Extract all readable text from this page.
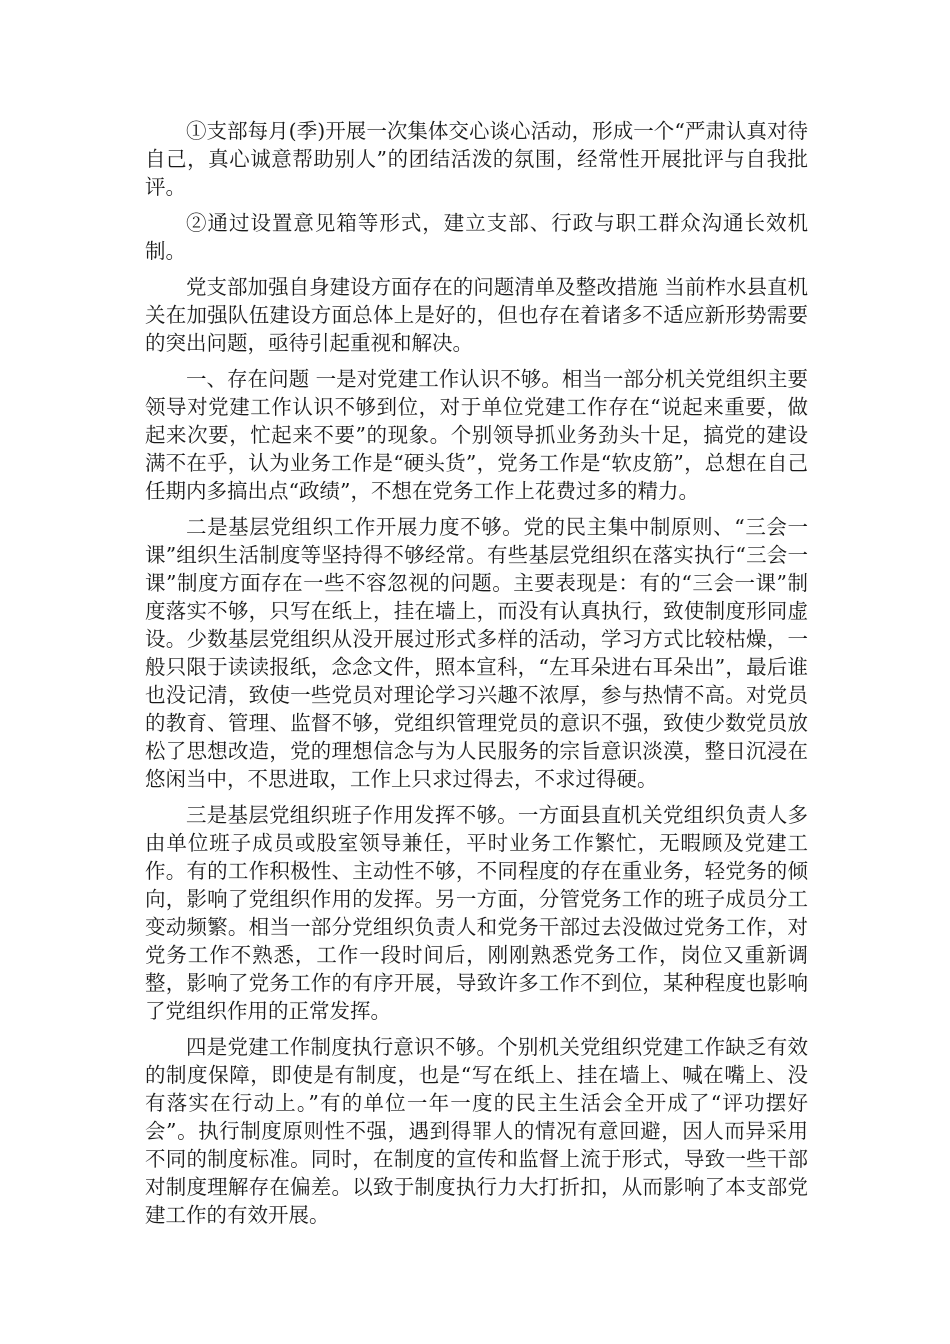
①支部每月(季)开展一次集体交心谈心活动，形成一个“严肃认真对待自己，真心诚意帮助别人”的团结活泼的氛围，经常性开展批评与自我批评。

②通过设置意见箱等形式，建立支部、行政与职工群众沟通长效机制。

党支部加强自身建设方面存在的问题清单及整改措施 当前柞水县直机关在加强队伍建设方面总体上是好的，但也存在着诸多不适应新形势需要的突出问题，亟待引起重视和解决。

一、存在问题 一是对党建工作认识不够。相当一部分机关党组织主要领导对党建工作认识不够到位，对于单位党建工作存在“说起来重要，做起来次要，忙起来不要”的现象。个别领导抓业务劲头十足，搞党的建设满不在乎，认为业务工作是“硬头货”，党务工作是“软皮筋”，总想在自己任期内多搞出点“政绩”，不想在党务工作上花费过多的精力。

二是基层党组织工作开展力度不够。党的民主集中制原则、“三会一课”组织生活制度等坚持得不够经常。有些基层党组织在落实执行“三会一课”制度方面存在一些不容忽视的问题。主要表现是：有的“三会一课”制度落实不够，只写在纸上，挂在墙上，而没有认真执行，致使制度形同虚设。少数基层党组织从没开展过形式多样的活动，学习方式比较枯燥，一般只限于读读报纸，念念文件，照本宣科，“左耳朵进右耳朵出”，最后谁也没记清，致使一些党员对理论学习兴趣不浓厚，参与热情不高。对党员的教育、管理、监督不够，党组织管理党员的意识不强，致使少数党员放松了思想改造，党的理想信念与为人民服务的宗旨意识淡漠，整日沉浸在悠闲当中，不思进取，工作上只求过得去，不求过得硬。

三是基层党组织班子作用发挥不够。一方面县直机关党组织负责人多由单位班子成员或股室领导兼任，平时业务工作繁忙，无暇顾及党建工作。有的工作积极性、主动性不够，不同程度的存在重业务，轻党务的倾向，影响了党组织作用的发挥。另一方面，分管党务工作的班子成员分工变动频繁。相当一部分党组织负责人和党务干部过去没做过党务工作，对党务工作不熟悉，工作一段时间后，刚刚熟悉党务工作，岗位又重新调整，影响了党务工作的有序开展，导致许多工作不到位，某种程度也影响了党组织作用的正常发挥。

四是党建工作制度执行意识不够。个别机关党组织党建工作缺乏有效的制度保障，即使是有制度，也是“写在纸上、挂在墙上、喊在嘴上、没有落实在行动上。”有的单位一年一度的民主生活会全开成了“评功摆好会”。执行制度原则性不强，遇到得罪人的情况有意回避，因人而异采用不同的制度标准。同时，在制度的宣传和监督上流于形式，导致一些干部对制度理解存在偏差。以致于制度执行力大打折扣，从而影响了本支部党建工作的有效开展。
